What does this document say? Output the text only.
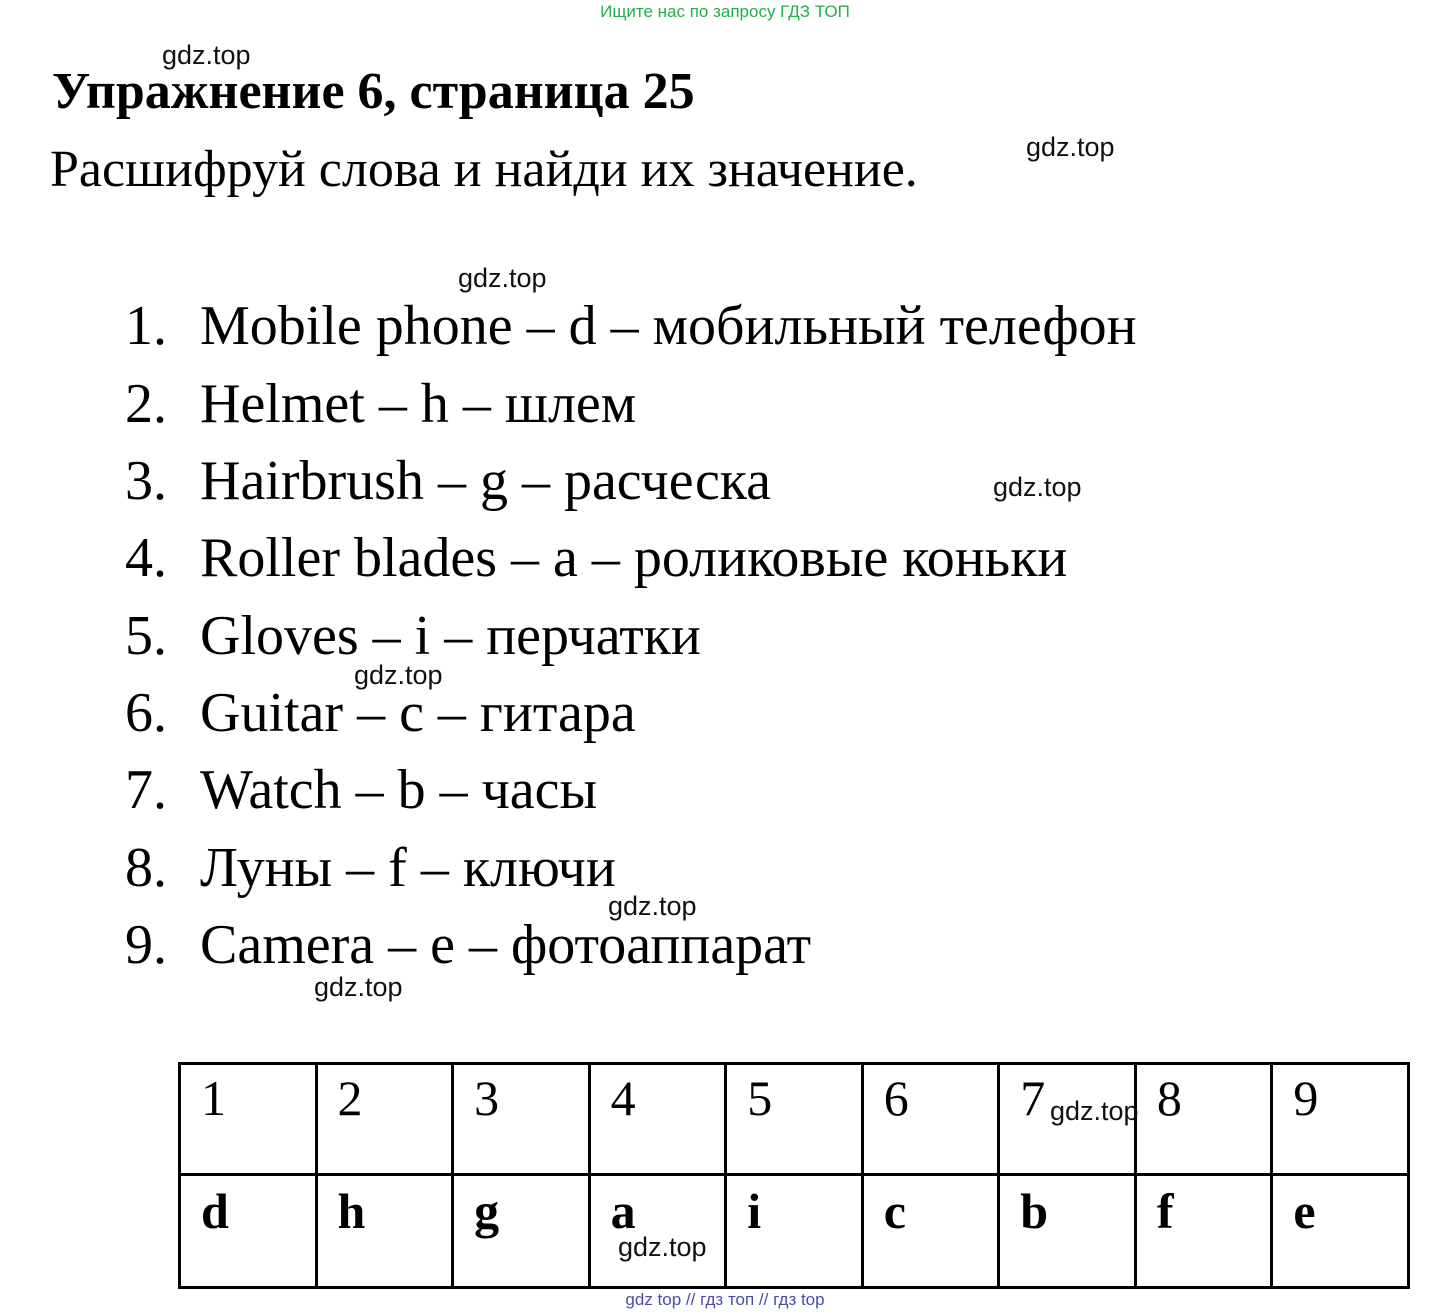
Ищите нас по запросу ГДЗ ТОП
Упражнение 6, страница 25

Расшифруй слова и найди их значение.

1. Mobile phone – d – мобильный телефон
2. Helmet – h – шлем
3. Hairbrush – g – расческа
4. Roller blades – a – роликовые коньки
5. Gloves – i – перчатки
6. Guitar – c – гитара
7. Watch – b – часы
8. Луны – f – ключи
9. Camera – e – фотоаппарат
1	2	3	4	5	6	7	8	9
d	h	g	a	i	c	b	f	e
gdz.top
gdz.top
gdz.top
gdz.top
gdz.top
gdz.top
gdz.top
gdz.top
gdz.top
gdz top // гдз топ // гдз top
